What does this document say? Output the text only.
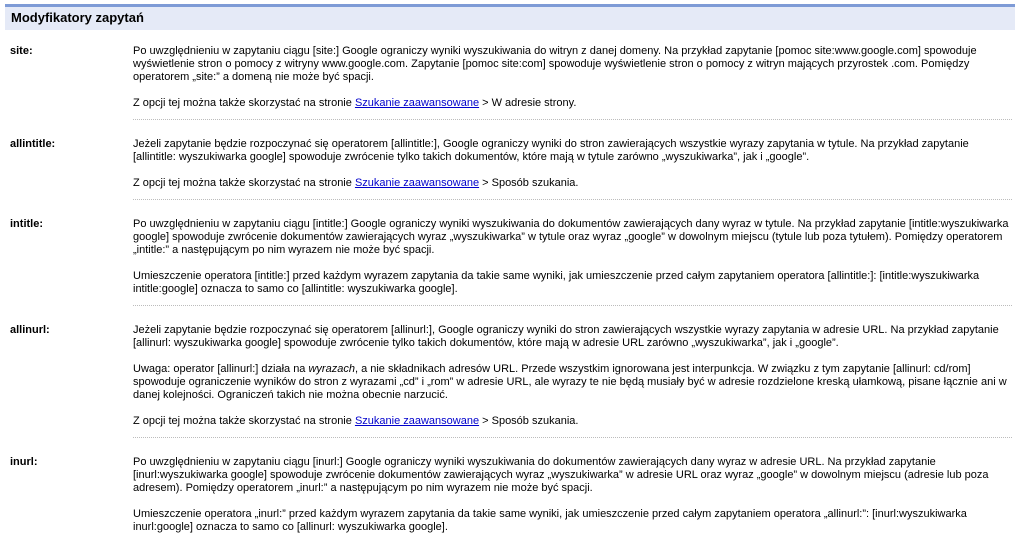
Modyfikatory zapytań
site:	Po uwzględnieniu w zapytaniu ciągu [site:] Google ograniczy wyniki wyszukiwania do witryn z danej domeny. Na przykład zapytanie [pomoc site:www.google.com] spowoduje wyświetlenie stron o pomocy z witryny www.google.com. Zapytanie [pomoc site:com] spowoduje wyświetlenie stron o pomocy z witryn mających przyrostek .com. Pomiędzy operatorem „site:” a domeną nie może być spacji.

Z opcji tej można także skorzystać na stronie Szukanie zaawansowane > W adresie strony.

allintitle:	Jeżeli zapytanie będzie rozpoczynać się operatorem [allintitle:], Google ograniczy wyniki do stron zawierających wszystkie wyrazy zapytania w tytule. Na przykład zapytanie [allintitle: wyszukiwarka google] spowoduje zwrócenie tylko takich dokumentów, które mają w tytule zarówno „wyszukiwarka”, jak i „google”.

Z opcji tej można także skorzystać na stronie Szukanie zaawansowane > Sposób szukania.

intitle:	Po uwzględnieniu w zapytaniu ciągu [intitle:] Google ograniczy wyniki wyszukiwania do dokumentów zawierających dany wyraz w tytule. Na przykład zapytanie [intitle:wyszukiwarka google] spowoduje zwrócenie dokumentów zawierających wyraz „wyszukiwarka” w tytule oraz wyraz „google” w dowolnym miejscu (tytule lub poza tytułem). Pomiędzy operatorem „intitle:” a następującym po nim wyrazem nie może być spacji.

Umieszczenie operatora [intitle:] przed każdym wyrazem zapytania da takie same wyniki, jak umieszczenie przed całym zapytaniem operatora [allintitle:]: [intitle:wyszukiwarka intitle:google] oznacza to samo co [allintitle: wyszukiwarka google].

allinurl:	Jeżeli zapytanie będzie rozpoczynać się operatorem [allinurl:], Google ograniczy wyniki do stron zawierających wszystkie wyrazy zapytania w adresie URL. Na przykład zapytanie [allinurl: wyszukiwarka google] spowoduje zwrócenie tylko takich dokumentów, które mają w adresie URL zarówno „wyszukiwarka”, jak i „google”.

Uwaga: operator [allinurl:] działa na wyrazach, a nie składnikach adresów URL. Przede wszystkim ignorowana jest interpunkcja. W związku z tym zapytanie [allinurl: cd/rom] spowoduje ograniczenie wyników do stron z wyrazami „cd” i „rom” w adresie URL, ale wyrazy te nie będą musiały być w adresie rozdzielone kreską ułamkową, pisane łącznie ani w danej kolejności. Ograniczeń takich nie można obecnie narzucić.

Z opcji tej można także skorzystać na stronie Szukanie zaawansowane > Sposób szukania.

inurl:	Po uwzględnieniu w zapytaniu ciągu [inurl:] Google ograniczy wyniki wyszukiwania do dokumentów zawierających dany wyraz w adresie URL. Na przykład zapytanie [inurl:wyszukiwarka google] spowoduje zwrócenie dokumentów zawierających wyraz „wyszukiwarka” w adresie URL oraz wyraz „google” w dowolnym miejscu (adresie lub poza adresem). Pomiędzy operatorem „inurl:” a następującym po nim wyrazem nie może być spacji.

Umieszczenie operatora „inurl:” przed każdym wyrazem zapytania da takie same wyniki, jak umieszczenie przed całym zapytaniem operatora „allinurl:”: [inurl:wyszukiwarka inurl:google] oznacza to samo co [allinurl: wyszukiwarka google].
